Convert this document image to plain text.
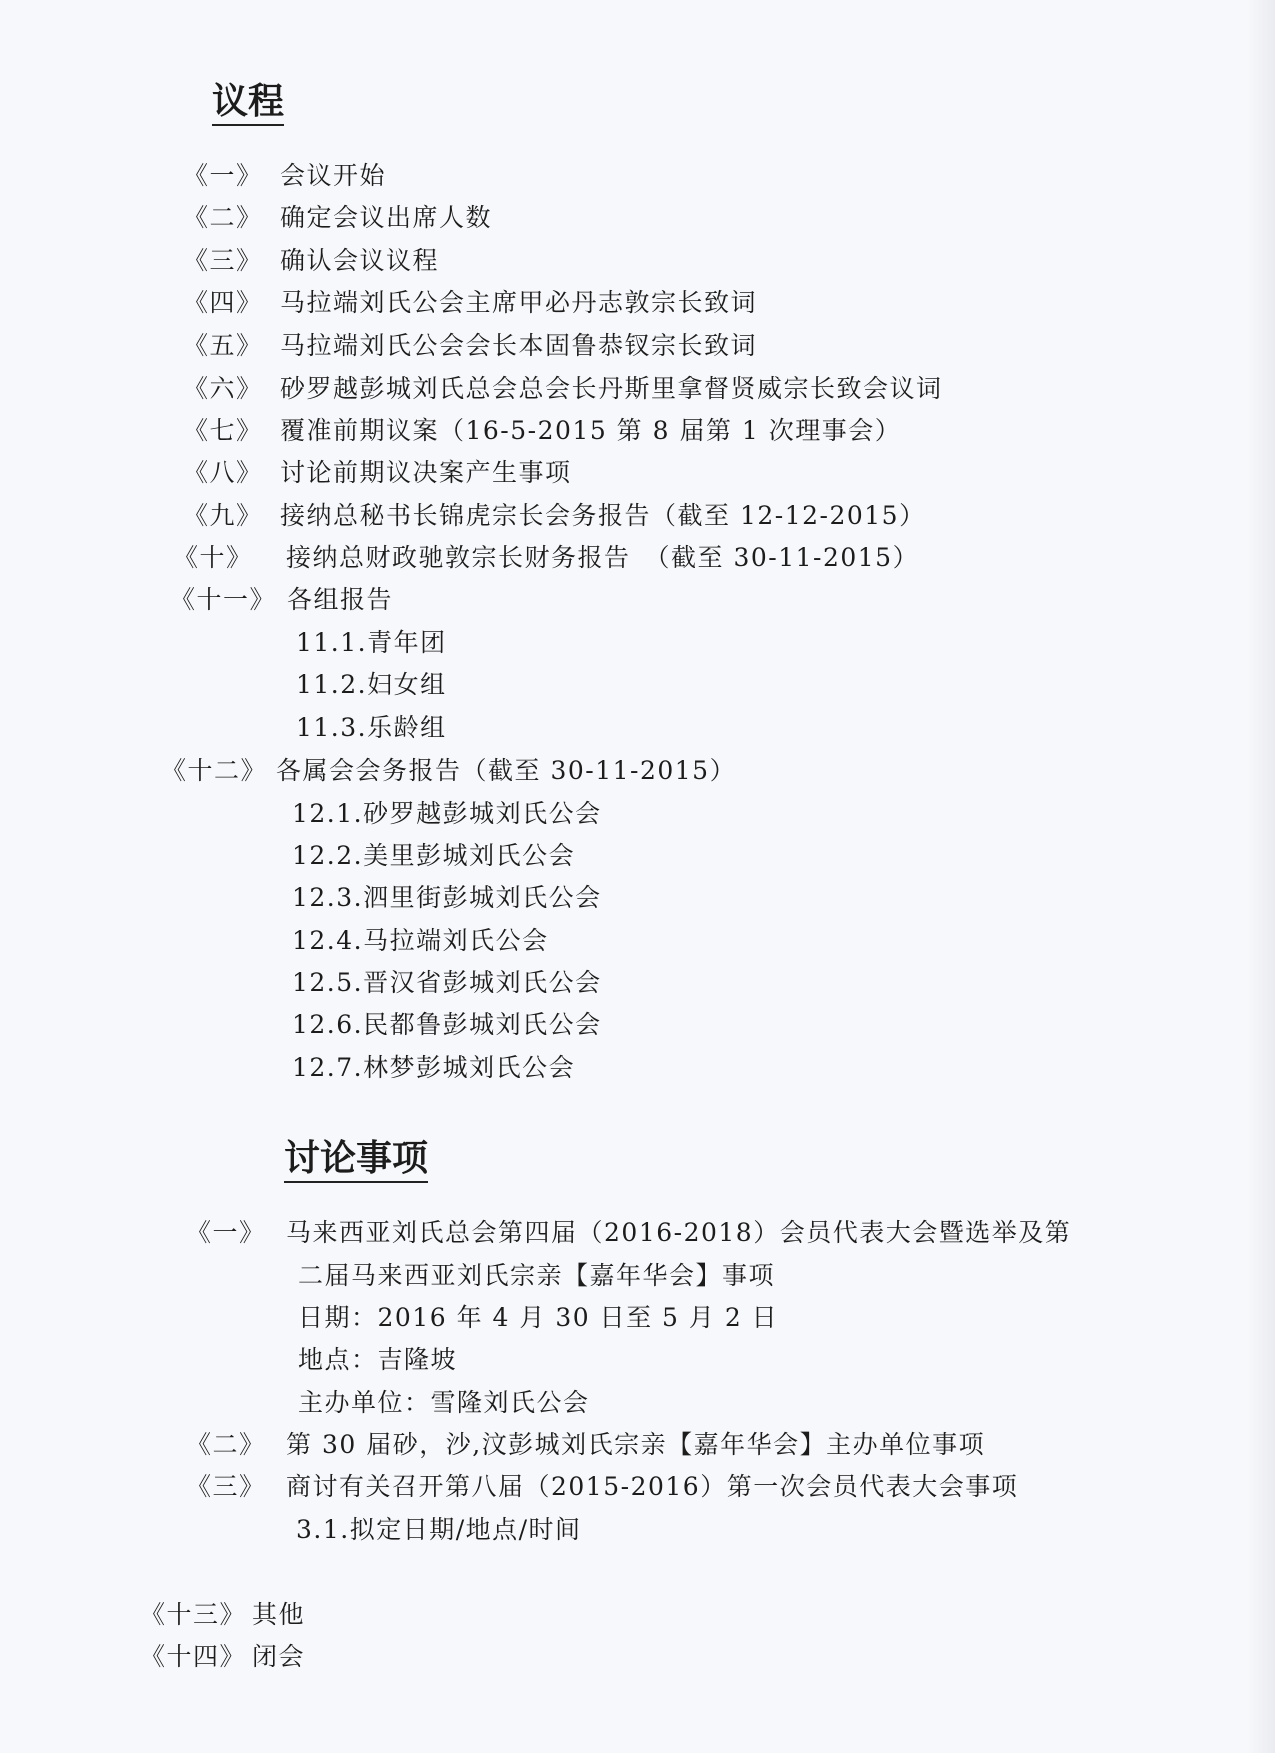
议程
《一》 会议开始
《二》 确定会议出席人数
《三》 确认会议议程
《四》 马拉端刘氏公会主席甲必丹志敦宗长致词
《五》 马拉端刘氏公会会长本固鲁恭钗宗长致词
《六》 砂罗越彭城刘氏总会总会长丹斯里拿督贤威宗长致会议词
《七》 覆准前期议案（16-5-2015 第 8 届第 1 次理事会）
《八》 讨论前期议决案产生事项
《九》 接纳总秘书长锦虎宗长会务报告（截至 12-12-2015）
《十》 接纳总财政驰敦宗长财务报告　（截至 30-11-2015）
《十一》 各组报告
11.1.青年团
11.2.妇女组
11.3.乐龄组
《十二》 各属会会务报告（截至 30-11-2015）
12.1.砂罗越彭城刘氏公会
12.2.美里彭城刘氏公会
12.3.泗里街彭城刘氏公会
12.4.马拉端刘氏公会
12.5.晋汉省彭城刘氏公会
12.6.民都鲁彭城刘氏公会
12.7.林梦彭城刘氏公会
讨论事项
《一》 马来西亚刘氏总会第四届（2016-2018）会员代表大会暨选举及第
二届马来西亚刘氏宗亲【嘉年华会】事项
日期：2016 年 4 月 30 日至 5 月 2 日
地点：吉隆坡
主办单位：雪隆刘氏公会
《二》 第 30 届砂，沙,汶彭城刘氏宗亲【嘉年华会】主办单位事项
《三》 商讨有关召开第八届（2015-2016）第一次会员代表大会事项
3.1.拟定日期/地点/时间
《十三》 其他
《十四》 闭会
